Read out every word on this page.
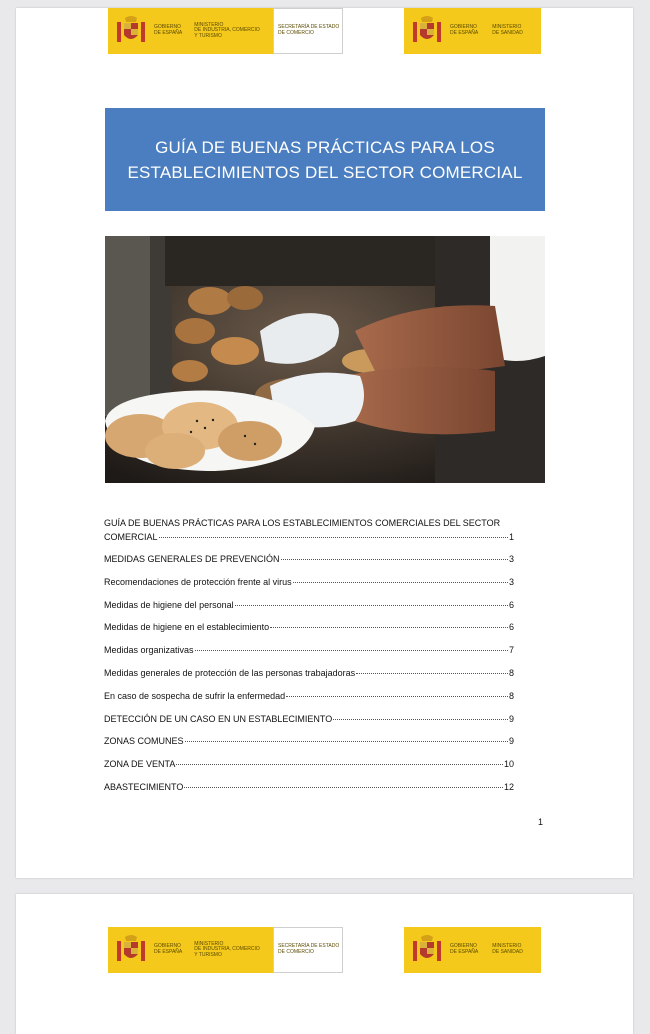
GOBIERNO
DE ESPAÑA
MINISTERIO
DE INDUSTRIA, COMERCIO
Y TURISMO
SECRETARÍA DE ESTADO
DE COMERCIO
GOBIERNO
DE ESPAÑA
MINISTERIO
DE SANIDAD
GUÍA DE BUENAS PRÁCTICAS PARA LOS
ESTABLECIMIENTOS DEL SECTOR COMERCIAL
GUÍA DE BUENAS PRÁCTICAS PARA LOS ESTABLECIMIENTOS COMERCIALES DEL SECTOR
COMERCIAL	1
MEDIDAS GENERALES DE PREVENCIÓN	3
Recomendaciones de protección frente al virus	3
Medidas de higiene del personal	6
Medidas de higiene en el establecimiento	6
Medidas organizativas	7
Medidas generales de protección de las personas trabajadoras	8
En caso de sospecha de sufrir la enfermedad	8
DETECCIÓN DE UN CASO EN UN ESTABLECIMIENTO	9
ZONAS COMUNES	9
ZONA DE VENTA	10
ABASTECIMIENTO	12
1
GOBIERNO
DE ESPAÑA
MINISTERIO
DE INDUSTRIA, COMERCIO
Y TURISMO
SECRETARÍA DE ESTADO
DE COMERCIO
GOBIERNO
DE ESPAÑA
MINISTERIO
DE SANIDAD
